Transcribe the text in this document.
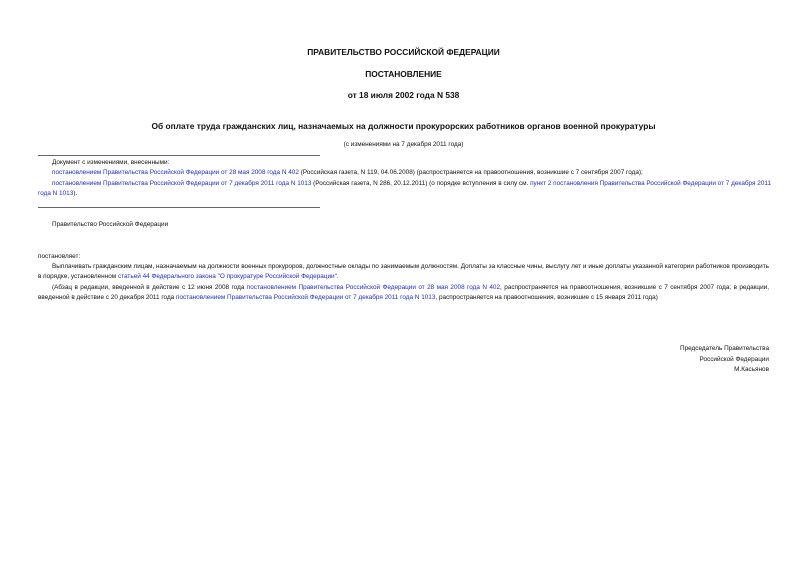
ПРАВИТЕЛЬСТВО РОССИЙСКОЙ ФЕДЕРАЦИИ
ПОСТАНОВЛЕНИЕ
от 18 июля 2002 года N 538
Об оплате труда гражданских лиц, назначаемых на должности прокурорских работников органов военной прокуратуры
(с изменениями на 7 декабря 2011 года)
Документ с изменениями, внесенными:
постановлением Правительства Российской Федерации от 28 мая 2008 года N 402 (Российская газета, N 119, 04.06.2008) (распространяется на правоотношения, возникшие с 7 сентября 2007 года);
постановлением Правительства Российской Федерации от 7 декабря 2011 года N 1013 (Российская газета, N 286, 20.12.2011) (о порядке вступления в силу см. пункт 2 постановления Правительства Российской Федерации от 7 декабря 2011 года N 1013).
Правительство Российской Федерации
постановляет:
Выплачивать гражданским лицам, назначаемым на должности военных прокуроров, должностные оклады по занимаемым должностям. Доплаты за классные чины, выслугу лет и иные доплаты указанной категории работников производить в порядке, установленном статьей 44 Федерального закона "О прокуратуре Российской Федерации".
(Абзац в редакции, введенной в действие с 12 июня 2008 года постановлением Правительства Российской Федерации от 28 мая 2008 года N 402, распространяется на правоотношения, возникшие с 7 сентября 2007 года; в редакции, введенной в действие с 20 декабря 2011 года постановлением Правительства Российской Федерации от 7 декабря 2011 года N 1013, распространяется на правоотношения, возникшие с 15 января 2011 года)
Председатель Правительства
Российской Федерации
М.Касьянов
